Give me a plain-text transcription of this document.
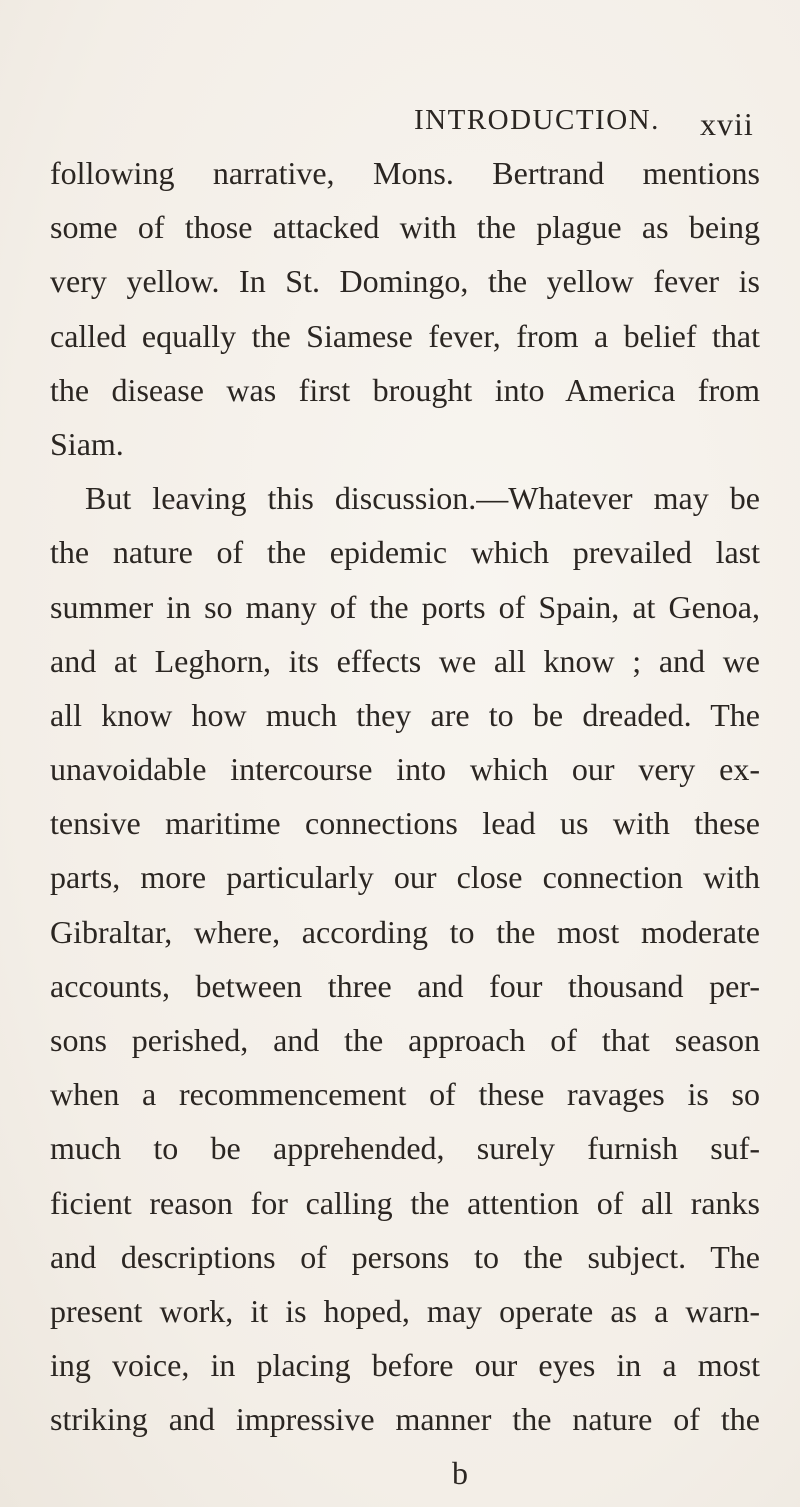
INTRODUCTION. xvii
following narrative, Mons. Bertrand mentions
some of those attacked with the plague as being
very yellow. In St. Domingo, the yellow fever is
called equally the Siamese fever, from a belief that
the disease was first brought into America from
Siam.
But leaving this discussion.—Whatever may be
the nature of the epidemic which prevailed last
summer in so many of the ports of Spain, at Genoa,
and at Leghorn, its effects we all know ; and we
all know how much they are to be dreaded. The
unavoidable intercourse into which our very ex-
tensive maritime connections lead us with these
parts, more particularly our close connection with
Gibraltar, where, according to the most moderate
accounts, between three and four thousand per-
sons perished, and the approach of that season
when a recommencement of these ravages is so
much to be apprehended, surely furnish suf-
ficient reason for calling the attention of all ranks
and descriptions of persons to the subject. The
present work, it is hoped, may operate as a warn-
ing voice, in placing before our eyes in a most
striking and impressive manner the nature of the
b
